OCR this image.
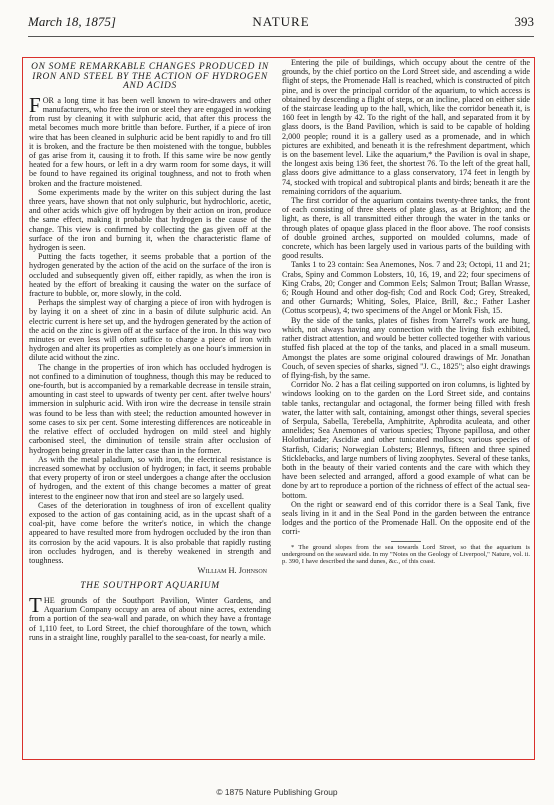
March 18, 1875]	NATURE	393
ON SOME REMARKABLE CHANGES PRODUCED IN IRON AND STEEL BY THE ACTION OF HYDROGEN AND ACIDS

FOR a long time it has been well known to wire-drawers and other manufacturers, who free the iron or steel they are engaged in working from rust by cleaning it with sulphuric acid, that after this process the metal becomes much more brittle than before. Further, if a piece of iron wire that has been cleaned in sulphuric acid be bent rapidly to and fro till it is broken, and the fracture be then moistened with the tongue, bubbles of gas arise from it, causing it to froth. If this same wire be now gently heated for a few hours, or left in a dry warm room for some days, it will be found to have regained its original toughness, and not to froth when broken and the fracture moistened.

Some experiments made by the writer on this subject during the last three years, have shown that not only sulphuric, but hydrochloric, acetic, and other acids which give off hydrogen by their action on iron, produce the same effect, making it probable that hydrogen is the cause of the change. This view is confirmed by collecting the gas given off at the surface of the iron and burning it, when the characteristic flame of hydrogen is seen.

Putting the facts together, it seems probable that a portion of the hydrogen generated by the action of the acid on the surface of the iron is occluded and subsequently given off, either rapidly, as when the iron is heated by the effort of breaking it causing the water on the surface of fracture to bubble, or, more slowly, in the cold.

Perhaps the simplest way of charging a piece of iron with hydrogen is by laying it on a sheet of zinc in a basin of dilute sulphuric acid. An electric current is here set up, and the hydrogen generated by the action of the acid on the zinc is given off at the surface of the iron. In this way two minutes or even less will often suffice to charge a piece of iron with hydrogen and alter its properties as completely as one hour's immersion in dilute acid without the zinc.

The change in the properties of iron which has occluded hydrogen is not confined to a diminution of toughness, though this may be reduced to one-fourth, but is accompanied by a remarkable decrease in tensile strain, amounting in cast steel to upwards of twenty per cent. after twelve hours' immersion in sulphuric acid. With iron wire the decrease in tensile strain was found to be less than with steel; the reduction amounted however in some cases to six per cent. Some interesting differences are noticeable in the relative effect of occluded hydrogen on mild steel and highly carbonised steel, the diminution of tensile strain after occlusion of hydrogen being greater in the latter case than in the former.

As with the metal paladium, so with iron, the electrical resistance is increased somewhat by occlusion of hydrogen; in fact, it seems probable that every property of iron or steel undergoes a change after the occlusion of hydrogen, and the extent of this change becomes a matter of great interest to the engineer now that iron and steel are so largely used.

Cases of the deterioration in toughness of iron of excellent quality exposed to the action of gas containing acid, as in the upcast shaft of a coal-pit, have come before the writer's notice, in which the change appeared to have resulted more from hydrogen occluded by the iron than its corrosion by the acid vapours. It is also probable that rapidly rusting iron occludes hydrogen, and is thereby weakened in strength and toughness.

William H. Johnson
THE SOUTHPORT AQUARIUM

THE grounds of the Southport Pavilion, Winter Gardens, and Aquarium Company occupy an area of about nine acres, extending from a portion of the sea-wall and parade, on which they have a frontage of 1,110 feet, to Lord Street, the chief thoroughfare of the town, which runs in a straight line, roughly parallel to the sea-coast, for nearly a mile.

Entering the pile of buildings, which occupy about the centre of the grounds, by the chief portico on the Lord Street side, and ascending a wide flight of steps, the Promenade Hall is reached, which is constructed of pitch pine, and is over the principal corridor of the aquarium, to which access is obtained by descending a flight of steps, or an incline, placed on either side of the staircase leading up to the hall, which, like the corridor beneath it, is 160 feet in length by 42. To the right of the hall, and separated from it by glass doors, is the Band Pavilion, which is said to be capable of holding 2,000 people; round it is a gallery used as a promenade, and in which pictures are exhibited, and beneath it is the refreshment department, which is on the basement level. Like the aquarium,* the Pavilion is oval in shape, the longest axis being 136 feet, the shortest 76. To the left of the great hall, glass doors give admittance to a glass conservatory, 174 feet in length by 74, stocked with tropical and subtropical plants and birds; beneath it are the remaining corridors of the aquarium.

The first corridor of the aquarium contains twenty-three tanks, the front of each consisting of three sheets of plate glass, as at Brighton; and the light, as there, is all transmitted either through the water in the tanks or through plates of opaque glass placed in the floor above. The roof consists of double groined arches, supported on moulded columns, made of concrete, which has been largely used in various parts of the building with good results.

Tanks 1 to 23 contain: Sea Anemones, Nos. 7 and 23; Octopi, 11 and 21; Crabs, Spiny and Common Lobsters, 10, 16, 19, and 22; four specimens of King Crabs, 20; Conger and Common Eels; Salmon Trout; Ballan Wrasse, 6; Rough Hound and other dog-fish; Cod and Rock Cod; Grey, Streaked, and other Gurnards; Whiting, Soles, Plaice, Brill, &c.; Father Lasher (Cottus scorpeus), 4; two specimens of the Angel or Monk Fish, 15.

By the side of the tanks, plates of fishes from Yarrel's work are hung, which, not always having any connection with the living fish exhibited, rather distract attention, and would be better collected together with various stuffed fish placed at the top of the tanks, and placed in a small museum. Amongst the plates are some original coloured drawings of Mr. Jonathan Couch, of seven species of sharks, signed "J. C., 1825"; also eight drawings of flying-fish, by the same.

Corridor No. 2 has a flat ceiling supported on iron columns, is lighted by windows looking on to the garden on the Lord Street side, and contains table tanks, rectangular and octagonal, the former being filled with fresh water, the latter with salt, containing, amongst other things, several species of Serpula, Sabella, Terebella, Amphitrite, Aphrodita aculeata, and other annelides; Sea Anemones of various species; Thyone papillosa, and other Holothuriadæ; Ascidiæ and other tunicated molluscs; various species of Starfish, Cidaris; Norwegian Lobsters; Blennys, fifteen and three spined Sticklebacks, and large numbers of living zoophytes. Several of these tanks, both in the beauty of their varied contents and the care with which they have been selected and arranged, afford a good example of what can be done by art to reproduce a portion of the richness of effect of the actual sea-bottom.

On the right or seaward end of this corridor there is a Seal Tank, five seals living in it and in the Seal Pond in the garden between the entrance lodges and the portico of the Promenade Hall. On the opposite end of the corri-

* The ground slopes from the sea towards Lord Street, so that the aquarium is underground on the seaward side. In my "Notes on the Geology of Liverpool," Nature, vol. ii. p. 390, I have described the sand dunes, &c., of this coast.

© 1875 Nature Publishing Group
